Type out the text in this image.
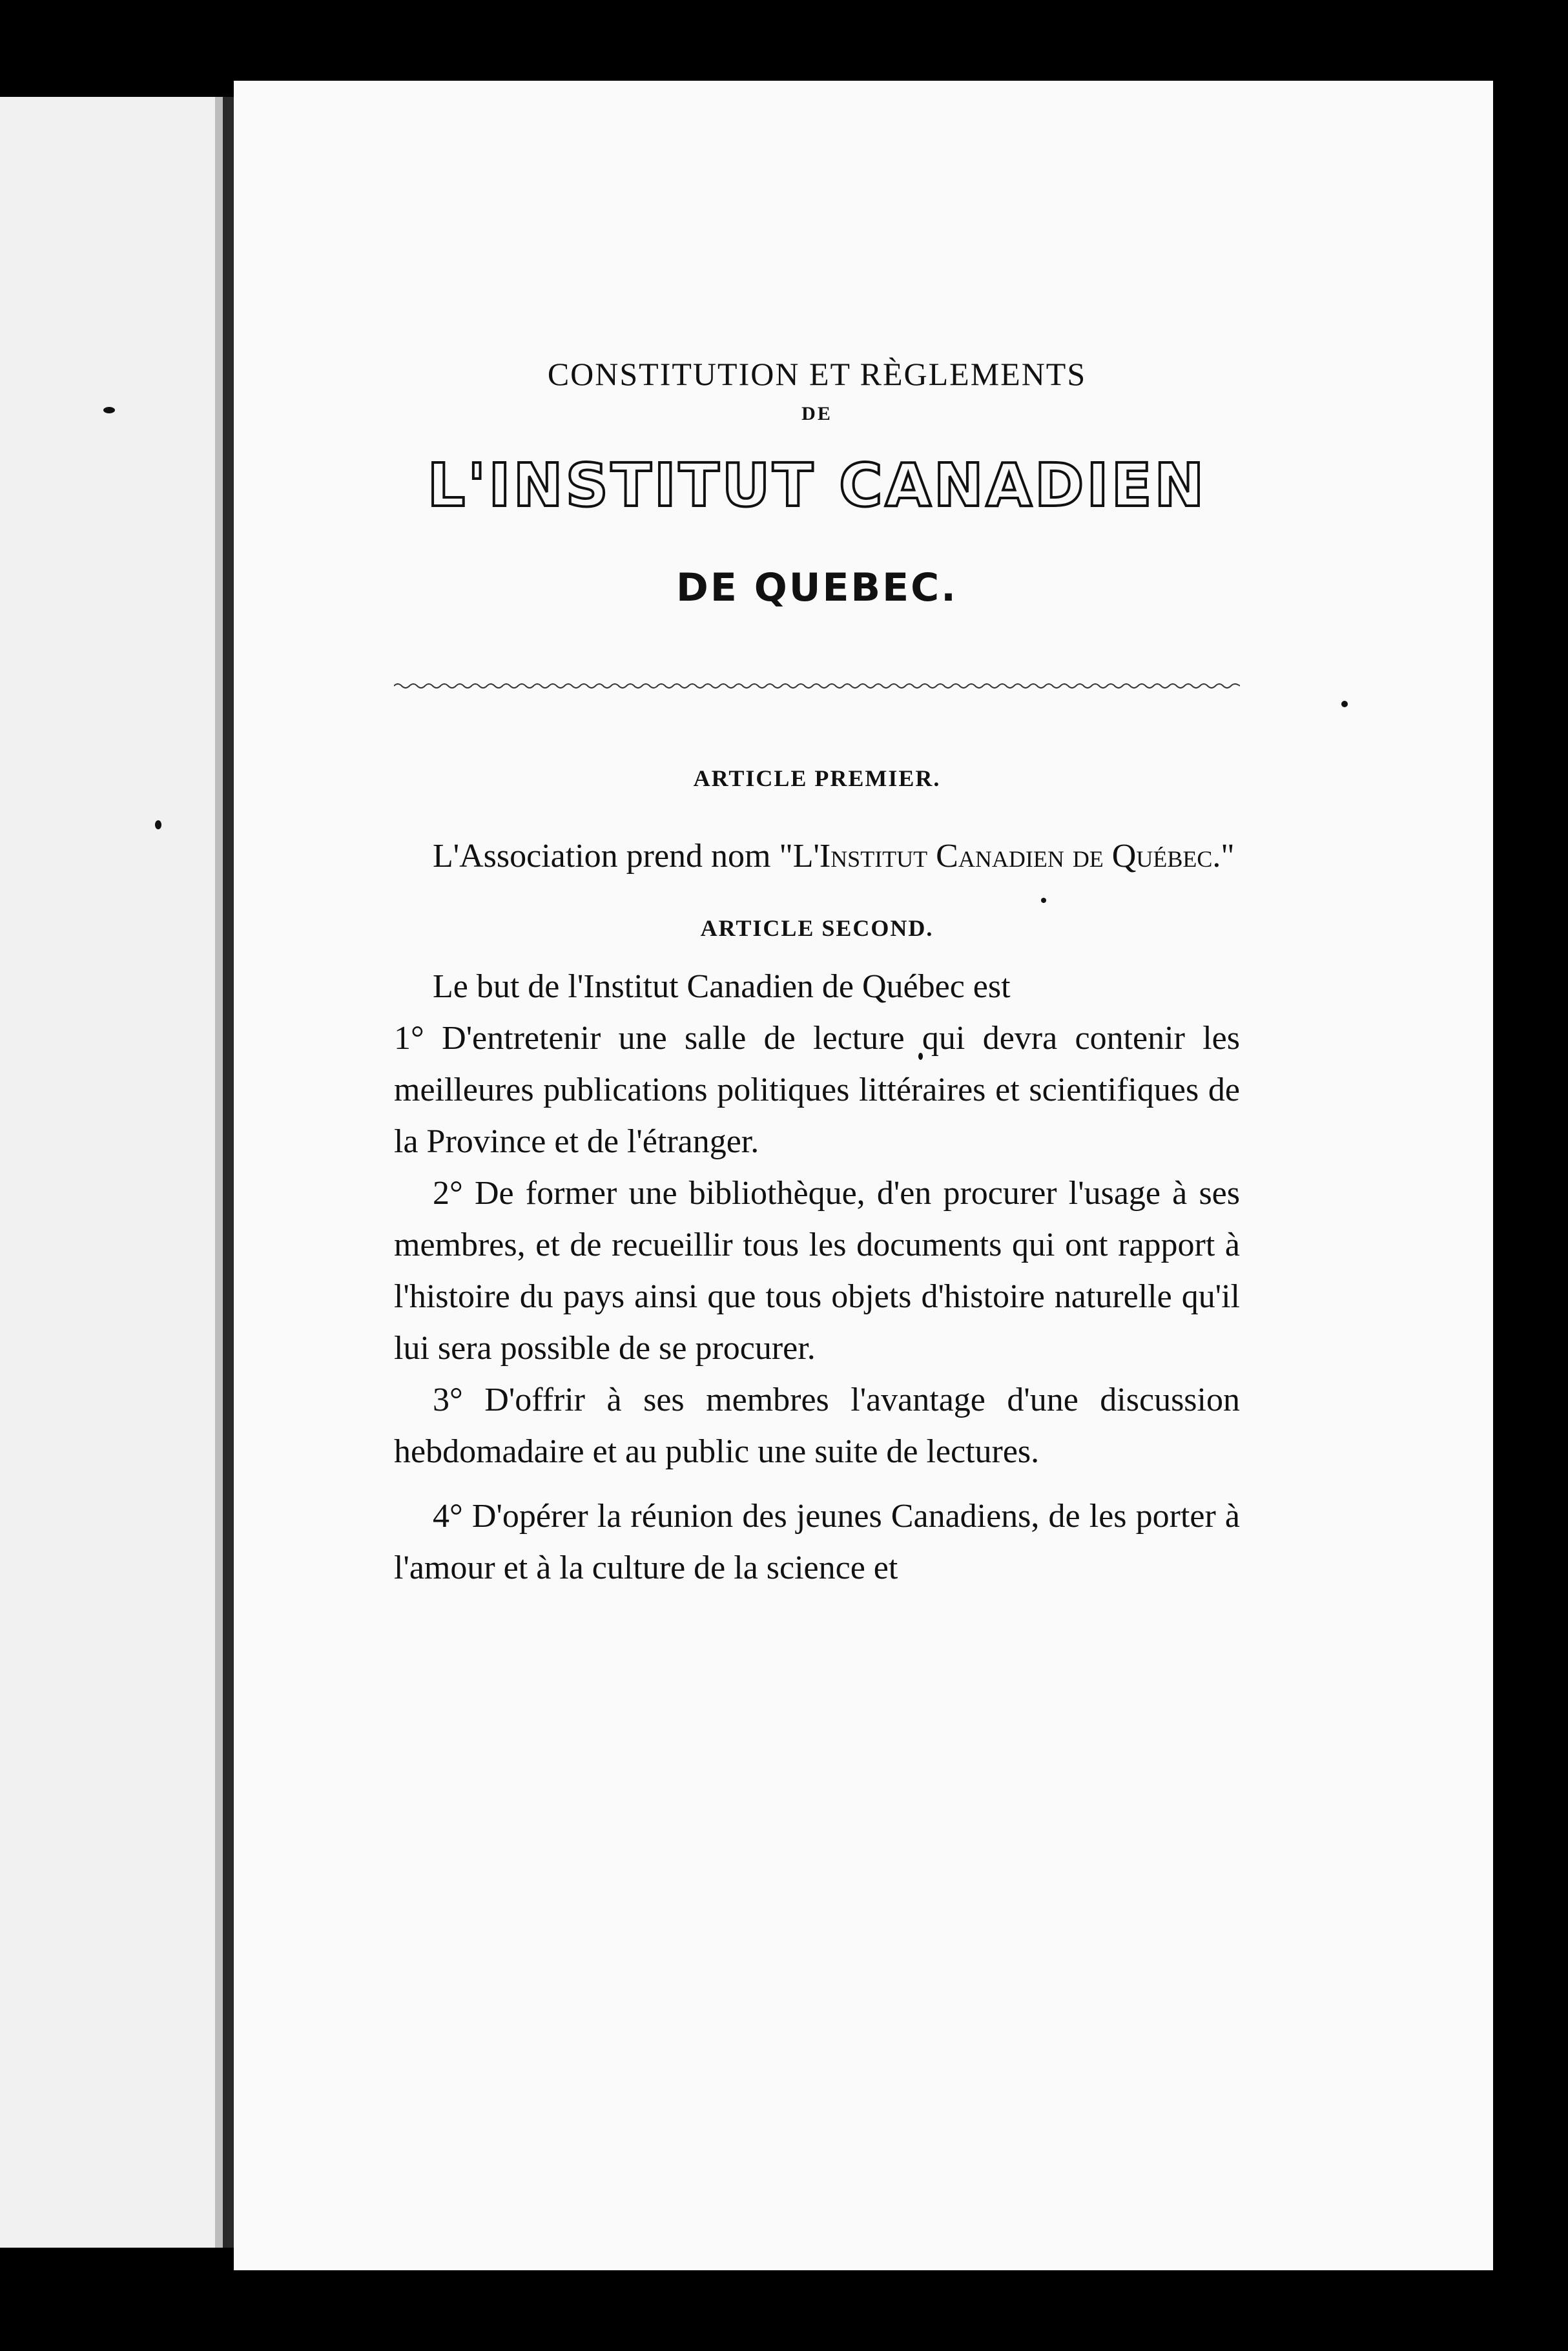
CONSTITUTION ET RÈGLEMENTS
DE
L'INSTITUT CANADIEN
DE QUEBEC.
ARTICLE PREMIER.

L'Association prend nom "L'Institut Canadien de Québec."

ARTICLE SECOND.

Le but de l'Institut Canadien de Québec est

1° D'entretenir une salle de lecture qui devra contenir les meilleures publications politiques littéraires et scientifiques de la Province et de l'étranger.

2° De former une bibliothèque, d'en procurer l'usage à ses membres, et de recueillir tous les documents qui ont rapport à l'histoire du pays ainsi que tous objets d'histoire naturelle qu'il lui sera possible de se procurer.

3° D'offrir à ses membres l'avantage d'une discussion hebdomadaire et au public une suite de lectures.

4° D'opérer la réunion des jeunes Canadiens, de les porter à l'amour et à la culture de la science et
